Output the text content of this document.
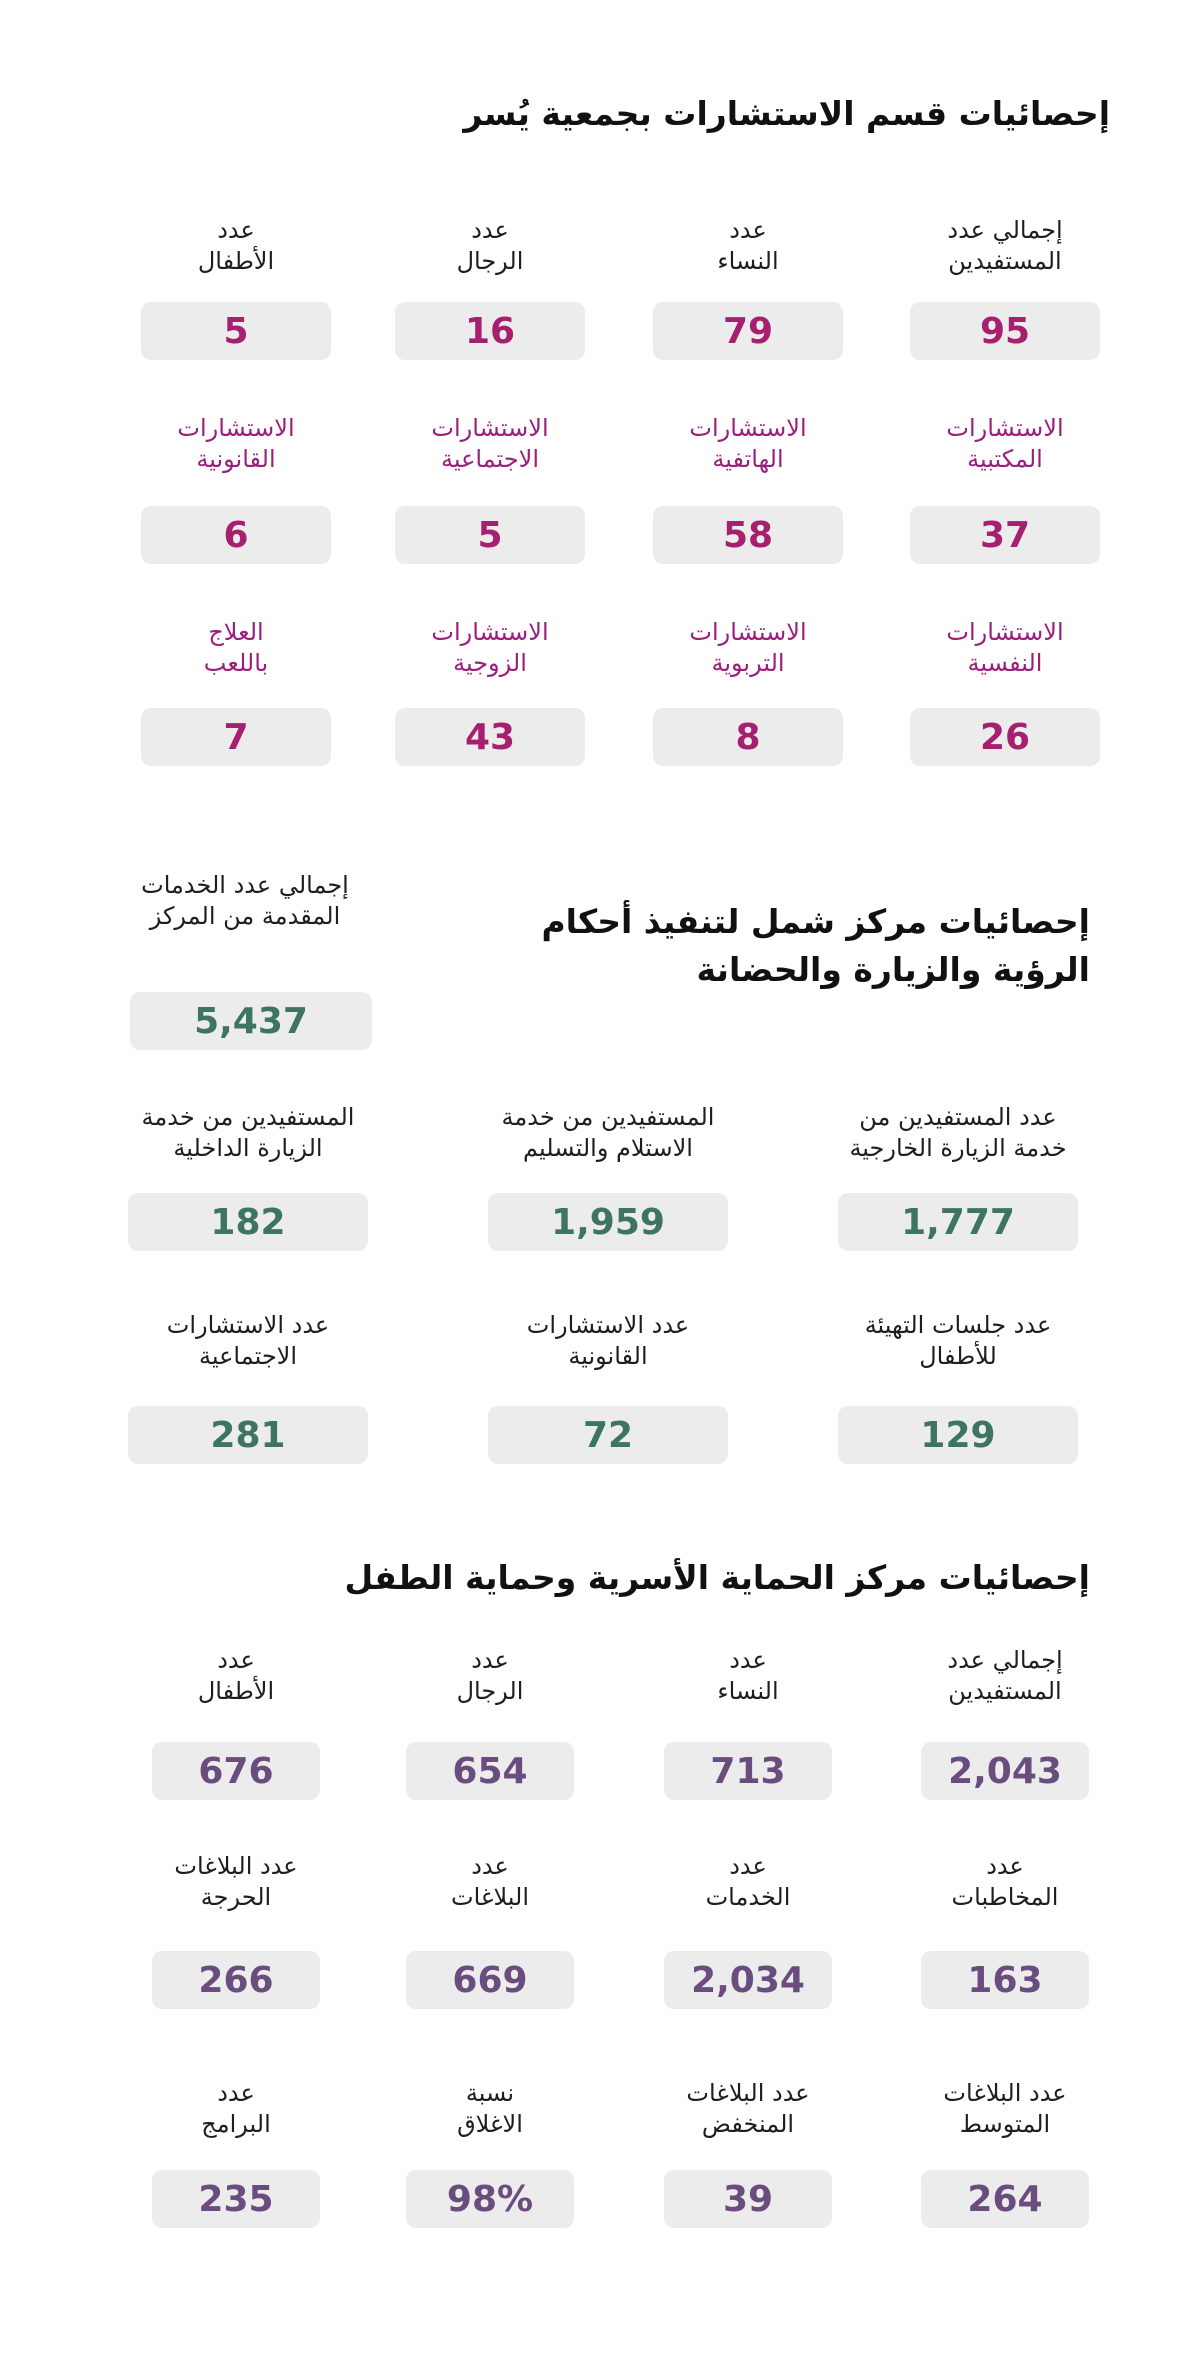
إحصائيات قسم الاستشارات بجمعية يُسر
إجمالي عدد
المستفيدين
95
عدد
النساء
79
عدد
الرجال
16
عدد
الأطفال
5
الاستشارات
المكتبية
37
الاستشارات
الهاتفية
58
الاستشارات
الاجتماعية
5
الاستشارات
القانونية
6
الاستشارات
النفسية
26
الاستشارات
التربوية
8
الاستشارات
الزوجية
43
العلاج
باللعب
7
إحصائيات مركز شمل لتنفيذ أحكام
الرؤية والزيارة والحضانة
إجمالي عدد الخدمات
المقدمة من المركز
5,437
عدد المستفيدين من
خدمة الزيارة الخارجية
1,777
المستفيدين من خدمة
الاستلام والتسليم
1,959
المستفيدين من خدمة
الزيارة الداخلية
182
عدد جلسات التهيئة
للأطفال
129
عدد الاستشارات
القانونية
72
عدد الاستشارات
الاجتماعية
281
إحصائيات مركز الحماية الأسرية وحماية الطفل
إجمالي عدد
المستفيدين
2,043
عدد
النساء
713
عدد
الرجال
654
عدد
الأطفال
676
عدد
المخاطبات
163
عدد
الخدمات
2,034
عدد
البلاغات
669
عدد البلاغات
الحرجة
266
عدد البلاغات
المتوسط
264
عدد البلاغات
المنخفض
39
نسبة
الاغلاق
98%
عدد
البرامج
235
